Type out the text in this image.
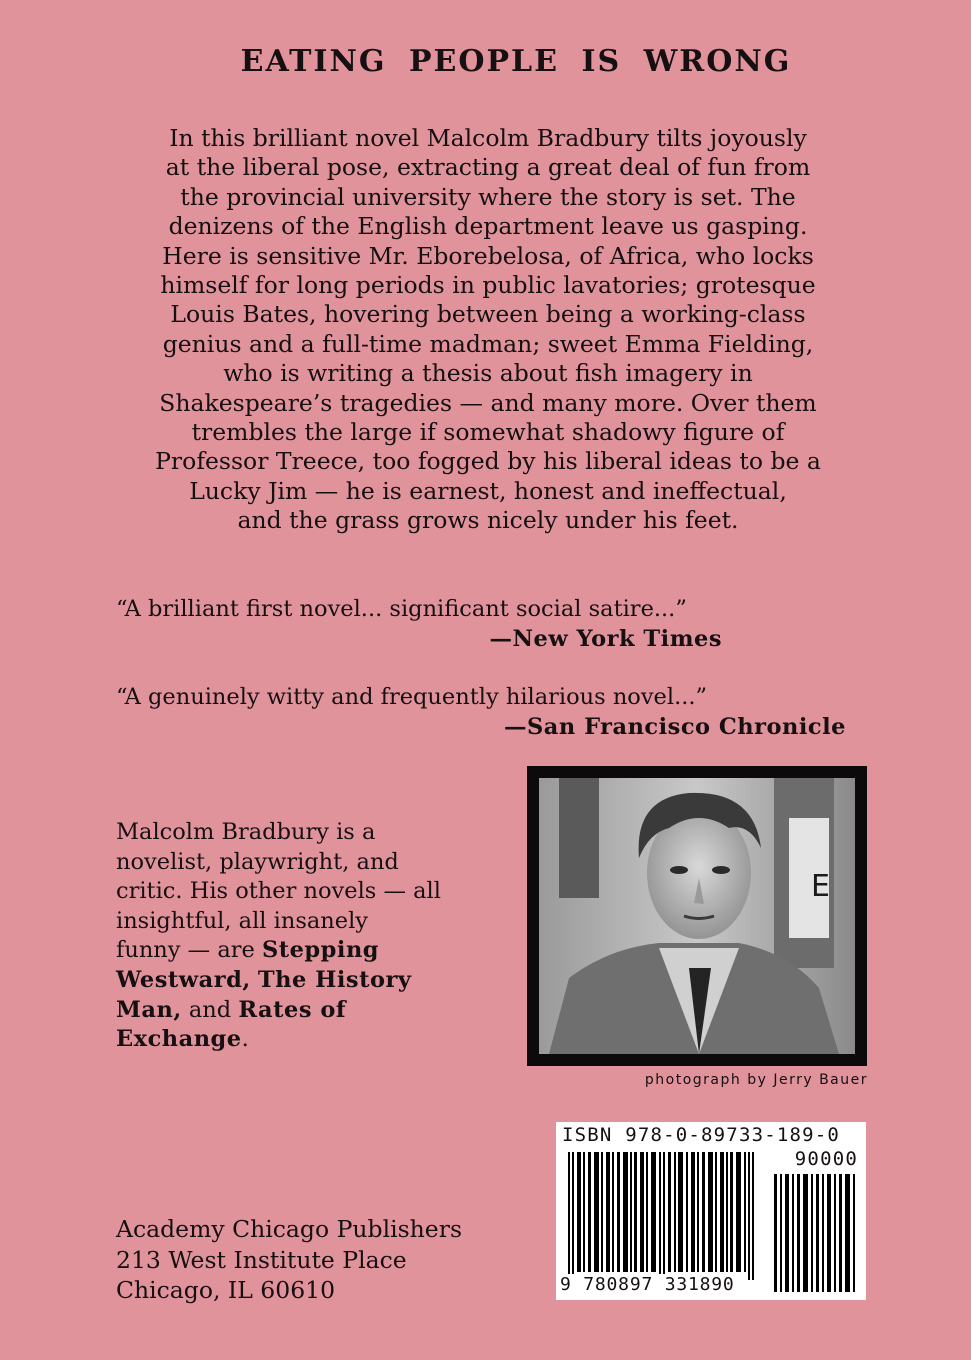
EATING PEOPLE IS WRONG
In this brilliant novel Malcolm Bradbury tilts joyously
at the liberal pose, extracting a great deal of fun from
the provincial university where the story is set. The
denizens of the English department leave us gasping.
Here is sensitive Mr. Eborebelosa, of Africa, who locks
himself for long periods in public lavatories; grotesque
Louis Bates, hovering between being a working-class
genius and a full-time madman; sweet Emma Fielding,
who is writing a thesis about fish imagery in
Shakespeare’s tragedies — and many more. Over them
trembles the large if somewhat shadowy figure of
Professor Treece, too fogged by his liberal ideas to be a
Lucky Jim — he is earnest, honest and ineffectual,
and the grass grows nicely under his feet.
“A brilliant first novel... significant social satire...”
—New York Times
“A genuinely witty and frequently hilarious novel...”
—San Francisco Chronicle
Malcolm Bradbury is a
novelist, playwright, and
critic. His other novels — all
insightful, all insanely
funny — are Stepping
Westward, The History
Man, and Rates of
Exchange.
E
photograph by Jerry Bauer
ISBN 978-0-89733-189-0
90000
9 780897 331890
Academy Chicago Publishers
213 West Institute Place
Chicago, IL 60610
